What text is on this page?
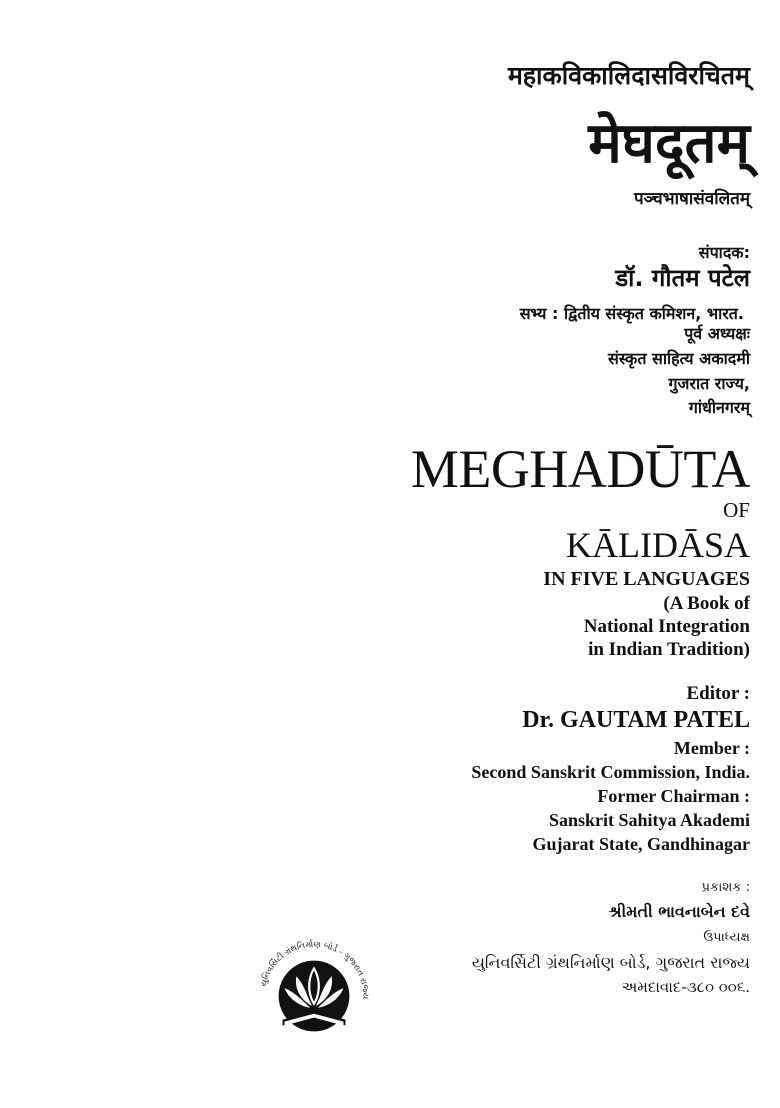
महाकविकालिदासविरचितम्
मेघदूतम्
पञ्चभाषासंवलितम्
संपादक:
डॉ. गौतम पटेल
सभ्य : द्वितीय संस्कृत कमिशन, भारत.
पूर्व अध्यक्षः
संस्कृत साहित्य अकादमी
गुजरात राज्य,
गांधीनगरम्
MEGHADŪTA
OF
KĀLIDĀSA
IN FIVE LANGUAGES
(A Book of
National Integration
in Indian Tradition)
Editor :
Dr. GAUTAM PATEL
Member :
Second Sanskrit Commission, India.
Former Chairman :
Sanskrit Sahitya Akademi
Gujarat State, Gandhinagar
પ્રકાશક :
શ્રીમતી ભાવનાબેન દવે
ઉપાધ્યક્ષ
યુનિવર્સિટી ગ્રંથનિર્માણ બોર્ડ, ગુજરાત રાજ્ય
અમદાવાદ-૩૮૦ ૦૦૬.
યુનિવર્સિટી ગ્રંથનિર્માણ બોર્ડ - ગુજરાત રાજ્ય
